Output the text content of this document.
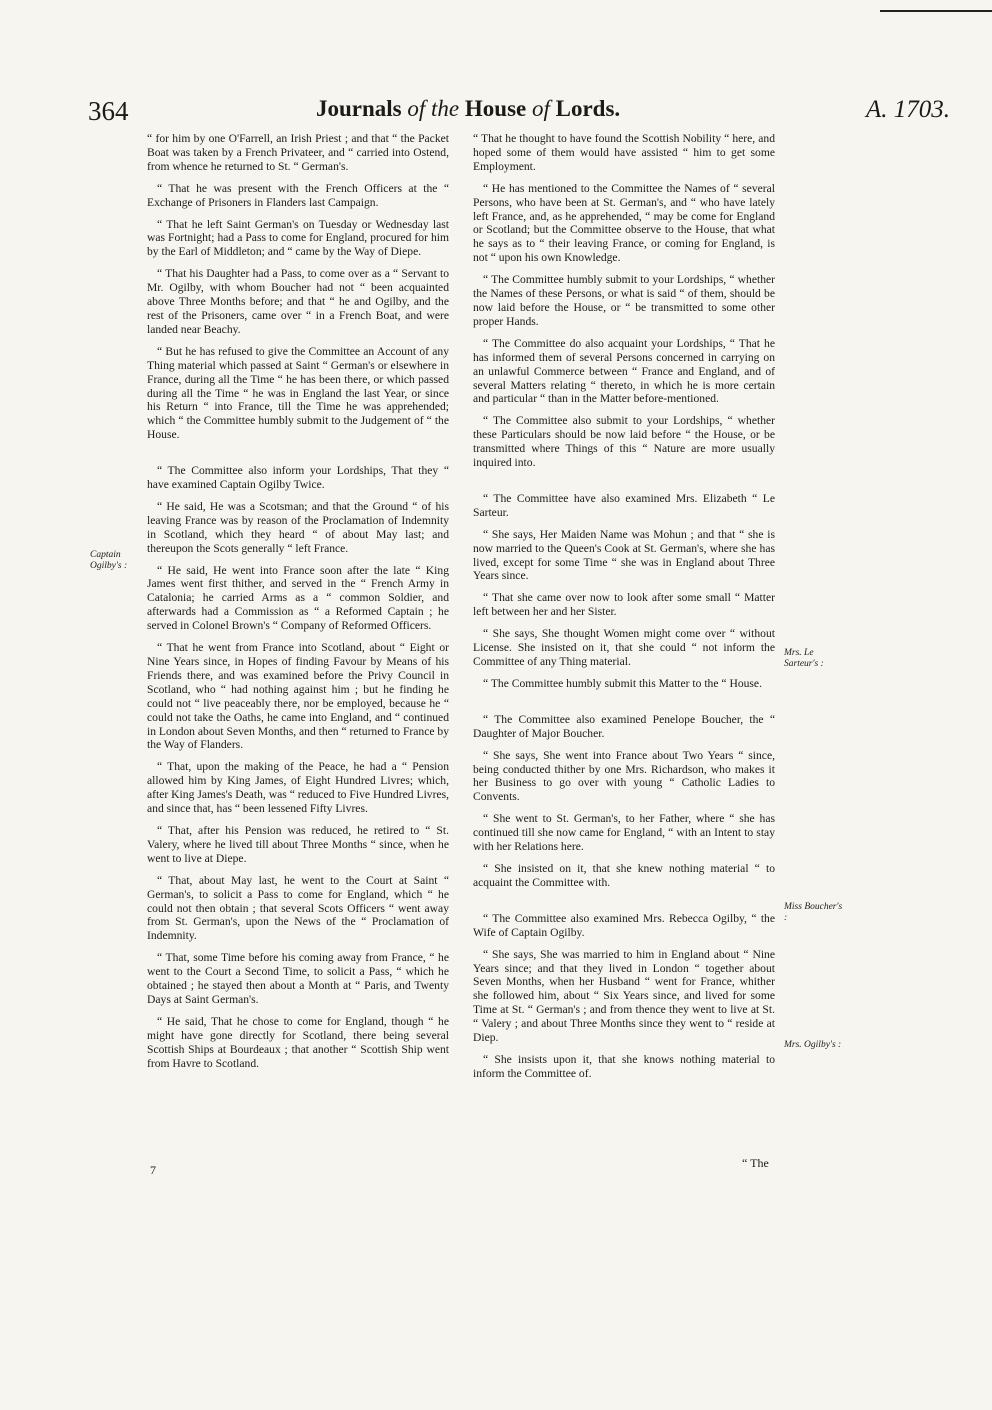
364	Journals of the House of Lords.	A. 1703.

“ for him by one O'Farrell, an Irish Priest ; and that “ the Packet Boat was taken by a French Privateer, and “ carried into Ostend, from whence he returned to St. “ German's.

“ That he was present with the French Officers at the “ Exchange of Prisoners in Flanders last Campaign.

“ That he left Saint German's on Tuesday or Wednesday last was Fortnight; had a Pass to come for England, procured for him by the Earl of Middleton; and “ came by the Way of Diepe.

“ That his Daughter had a Pass, to come over as a “ Servant to Mr. Ogilby, with whom Boucher had not “ been acquainted above Three Months before; and that “ he and Ogilby, and the rest of the Prisoners, came over “ in a French Boat, and were landed near Beachy.

“ But he has refused to give the Committee an Account of any Thing material which passed at Saint “ German's or elsewhere in France, during all the Time “ he has been there, or which passed during all the Time “ he was in England the last Year, or since his Return “ into France, till the Time he was apprehended; which “ the Committee humbly submit to the Judgement of “ the House.

“ The Committee also inform your Lordships, That they “ have examined Captain Ogilby Twice.

“ He said, He was a Scotsman; and that the Ground “ of his leaving France was by reason of the Proclamation of Indemnity in Scotland, which they heard “ of about May last; and thereupon the Scots generally “ left France.

“ He said, He went into France soon after the late “ King James went first thither, and served in the “ French Army in Catalonia; he carried Arms as a “ common Soldier, and afterwards had a Commission as “ a Reformed Captain ; he served in Colonel Brown's “ Company of Reformed Officers.

“ That he went from France into Scotland, about “ Eight or Nine Years since, in Hopes of finding Favour by Means of his Friends there, and was examined before the Privy Council in Scotland, who “ had nothing against him ; but he finding he could not “ live peaceably there, nor be employed, because he “ could not take the Oaths, he came into England, and “ continued in London about Seven Months, and then “ returned to France by the Way of Flanders.

“ That, upon the making of the Peace, he had a “ Pension allowed him by King James, of Eight Hundred Livres; which, after King James's Death, was “ reduced to Five Hundred Livres, and since that, has “ been lessened Fifty Livres.

“ That, after his Pension was reduced, he retired to “ St. Valery, where he lived till about Three Months “ since, when he went to live at Diepe.

“ That, about May last, he went to the Court at Saint “ German's, to solicit a Pass to come for England, which “ he could not then obtain ; that several Scots Officers “ went away from St. German's, upon the News of the “ Proclamation of Indemnity.

“ That, some Time before his coming away from France, “ he went to the Court a Second Time, to solicit a Pass, “ which he obtained ; he stayed then about a Month at “ Paris, and Twenty Days at Saint German's.

“ He said, That he chose to come for England, though “ he might have gone directly for Scotland, there being several Scottish Ships at Bourdeaux ; that another “ Scottish Ship went from Havre to Scotland.

“ That he thought to have found the Scottish Nobility “ here, and hoped some of them would have assisted “ him to get some Employment.

“ He has mentioned to the Committee the Names of “ several Persons, who have been at St. German's, and “ who have lately left France, and, as he apprehended, “ may be come for England or Scotland; but the Committee observe to the House, that what he says as to “ their leaving France, or coming for England, is not “ upon his own Knowledge.

“ The Committee humbly submit to your Lordships, “ whether the Names of these Persons, or what is said “ of them, should be now laid before the House, or “ be transmitted to some other proper Hands.

“ The Committee do also acquaint your Lordships, “ That he has informed them of several Persons concerned in carrying on an unlawful Commerce between “ France and England, and of several Matters relating “ thereto, in which he is more certain and particular “ than in the Matter before-mentioned.

“ The Committee also submit to your Lordships, “ whether these Particulars should be now laid before “ the House, or be transmitted where Things of this “ Nature are more usually inquired into.

“ The Committee have also examined Mrs. Elizabeth “ Le Sarteur.

“ She says, Her Maiden Name was Mohun ; and that “ she is now married to the Queen's Cook at St. German's, where she has lived, except for some Time “ she was in England about Three Years since.

“ That she came over now to look after some small “ Matter left between her and her Sister.

“ She says, She thought Women might come over “ without License. She insisted on it, that she could “ not inform the Committee of any Thing material.

“ The Committee humbly submit this Matter to the “ House.

“ The Committee also examined Penelope Boucher, the “ Daughter of Major Boucher.

“ She says, She went into France about Two Years “ since, being conducted thither by one Mrs. Richardson, who makes it her Business to go over with young “ Catholic Ladies to Convents.

“ She went to St. German's, to her Father, where “ she has continued till she now came for England, “ with an Intent to stay with her Relations here.

“ She insisted on it, that she knew nothing material “ to acquaint the Committee with.

“ The Committee also examined Mrs. Rebecca Ogilby, “ the Wife of Captain Ogilby.

“ She says, She was married to him in England about “ Nine Years since; and that they lived in London “ together about Seven Months, when her Husband “ went for France, whither she followed him, about “ Six Years since, and lived for some Time at St. “ German's ; and from thence they went to live at St. “ Valery ; and about Three Months since they went to “ reside at Diep.

“ She insists upon it, that she knows nothing material to inform the Committee of.

Captain Ogilby's :
Mrs. Le Sarteur's :
Miss Boucher's :
Mrs. Ogilby's :
7	“ The
